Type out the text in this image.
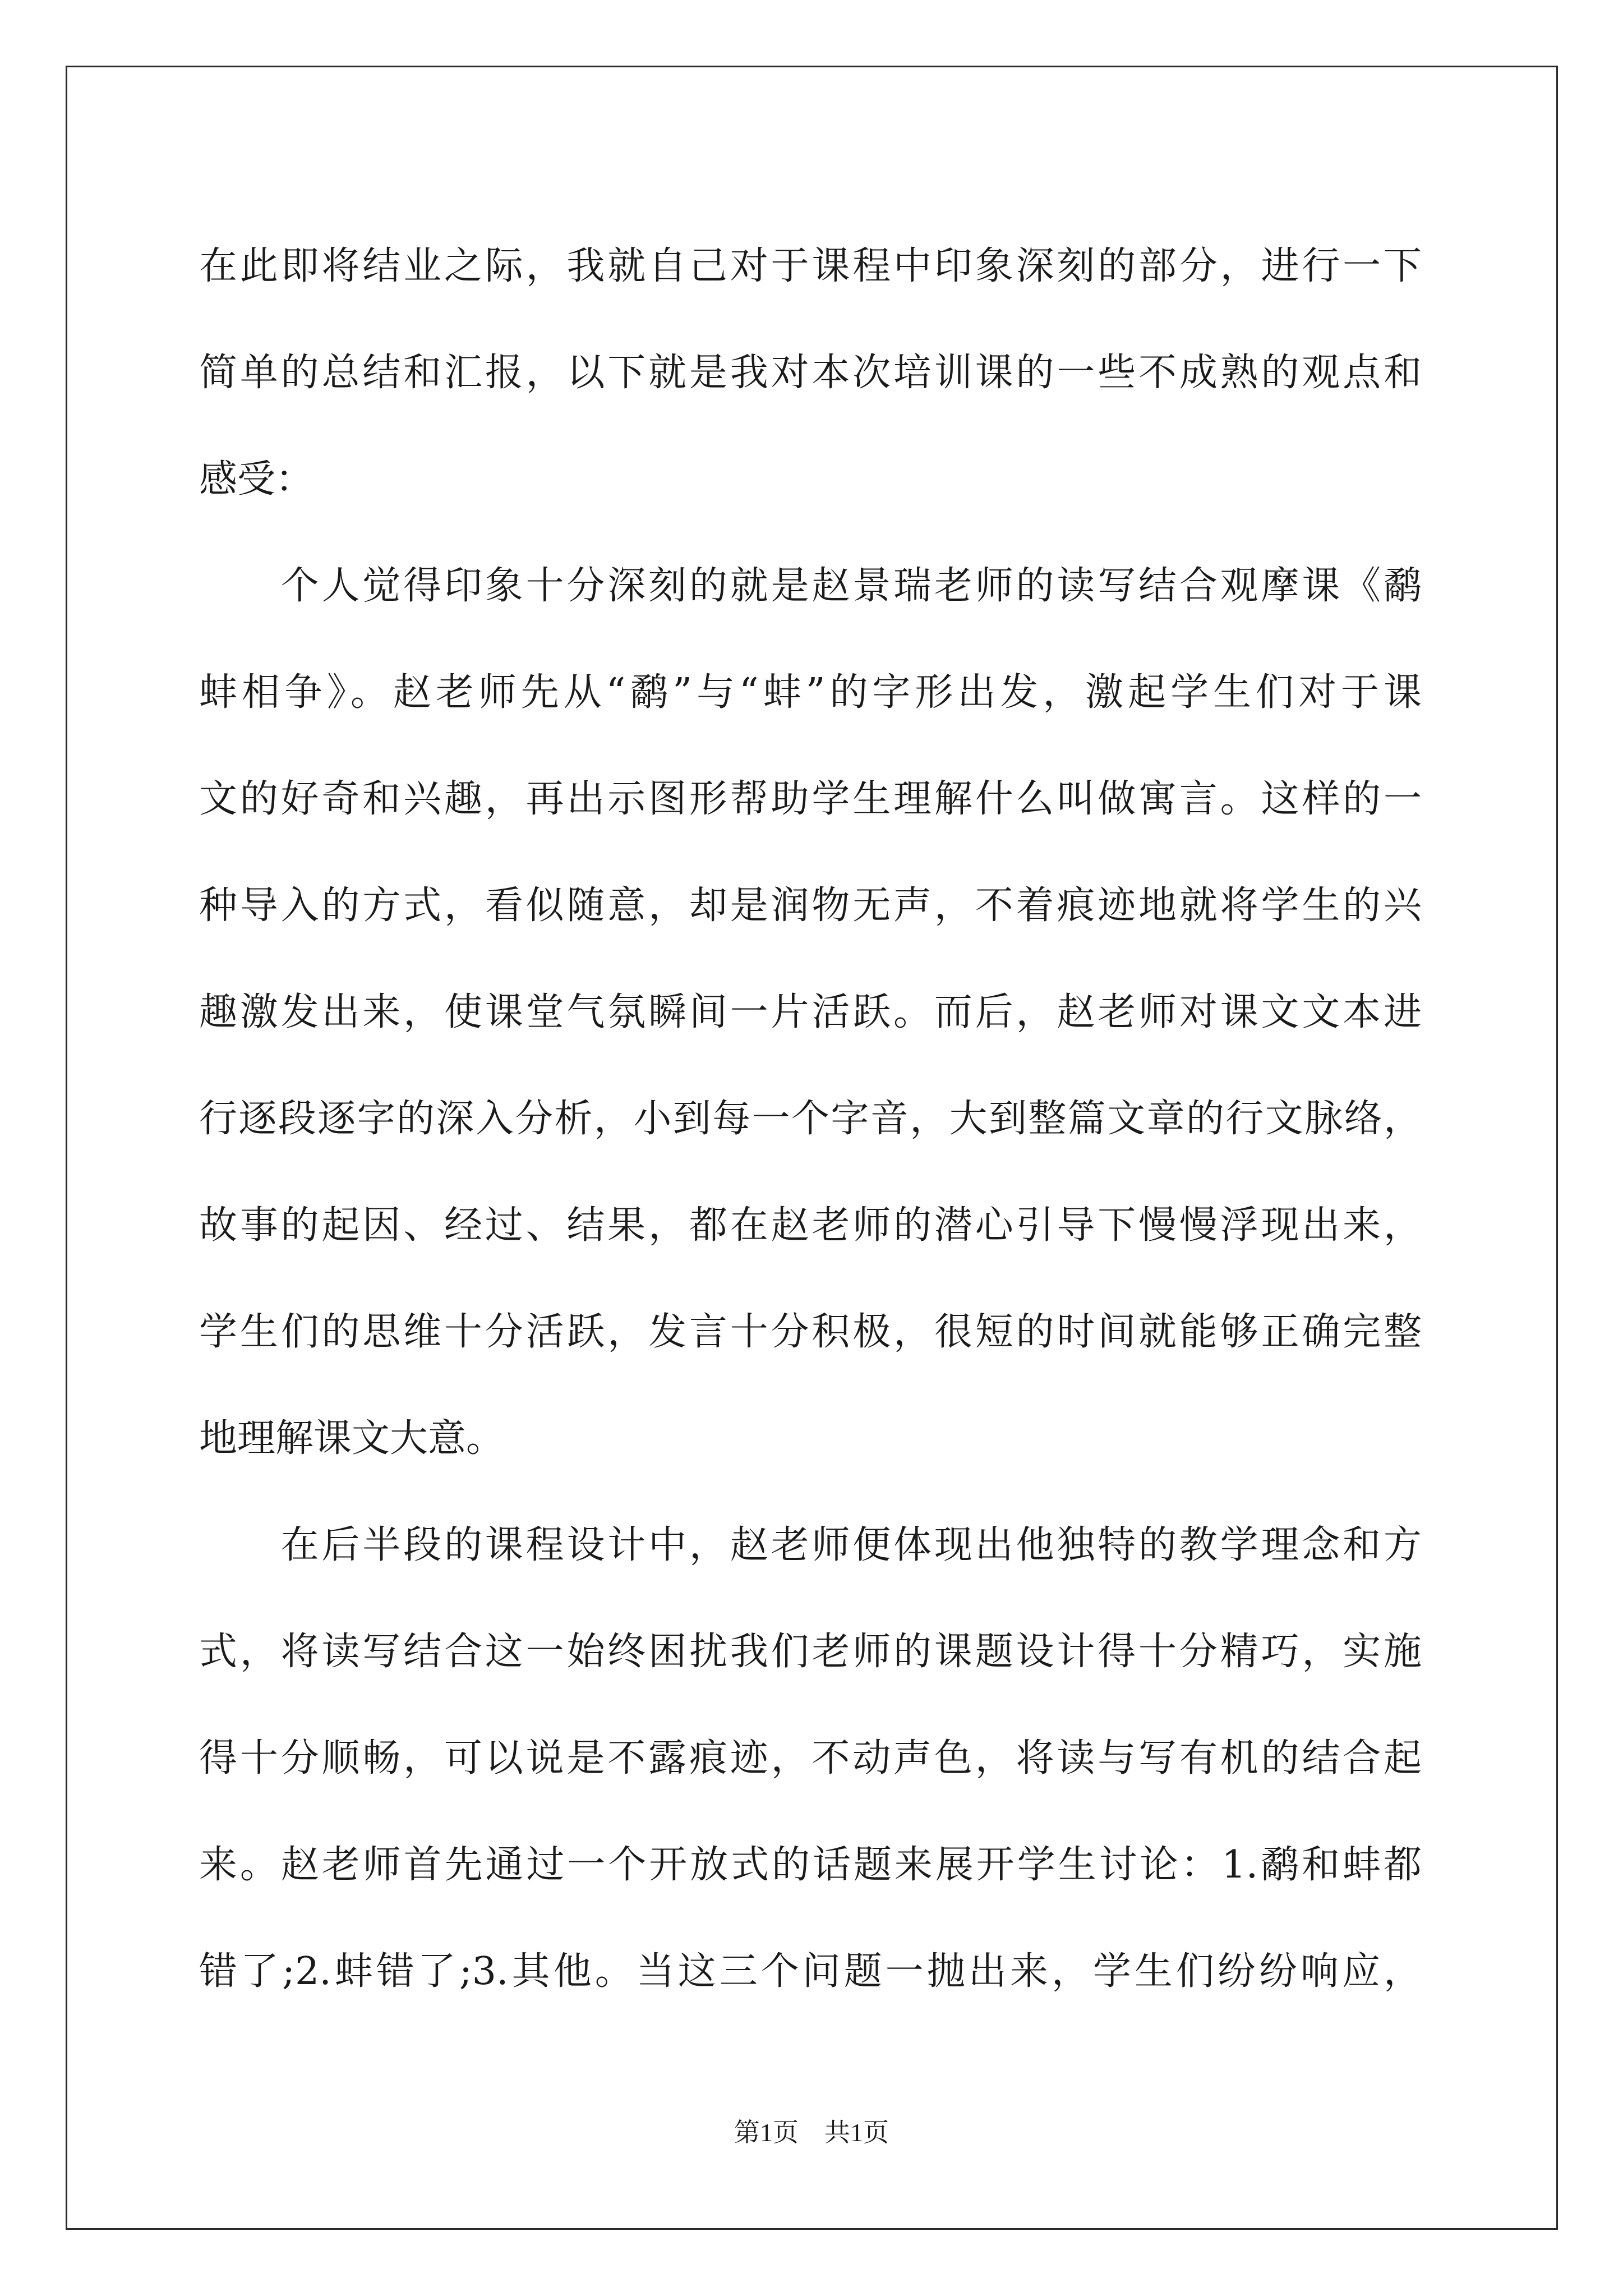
在此即将结业之际，我就自己对于课程中印象深刻的部分，进行一下
简单的总结和汇报，以下就是我对本次培训课的一些不成熟的观点和
感受：
　　个人觉得印象十分深刻的就是赵景瑞老师的读写结合观摩课《鹬
蚌相争》。赵老师先从“鹬”与“蚌”的字形出发，激起学生们对于课
文的好奇和兴趣，再出示图形帮助学生理解什么叫做寓言。这样的一
种导入的方式，看似随意，却是润物无声，不着痕迹地就将学生的兴
趣激发出来，使课堂气氛瞬间一片活跃。而后，赵老师对课文文本进
行逐段逐字的深入分析，小到每一个字音，大到整篇文章的行文脉络，
故事的起因、经过、结果，都在赵老师的潜心引导下慢慢浮现出来，
学生们的思维十分活跃，发言十分积极，很短的时间就能够正确完整
地理解课文大意。
　　在后半段的课程设计中，赵老师便体现出他独特的教学理念和方
式，将读写结合这一始终困扰我们老师的课题设计得十分精巧，实施
得十分顺畅，可以说是不露痕迹，不动声色，将读与写有机的结合起
来。赵老师首先通过一个开放式的话题来展开学生讨论：1.鹬和蚌都
错了;2.蚌错了;3.其他。当这三个问题一抛出来，学生们纷纷响应，
第1页　共1页
